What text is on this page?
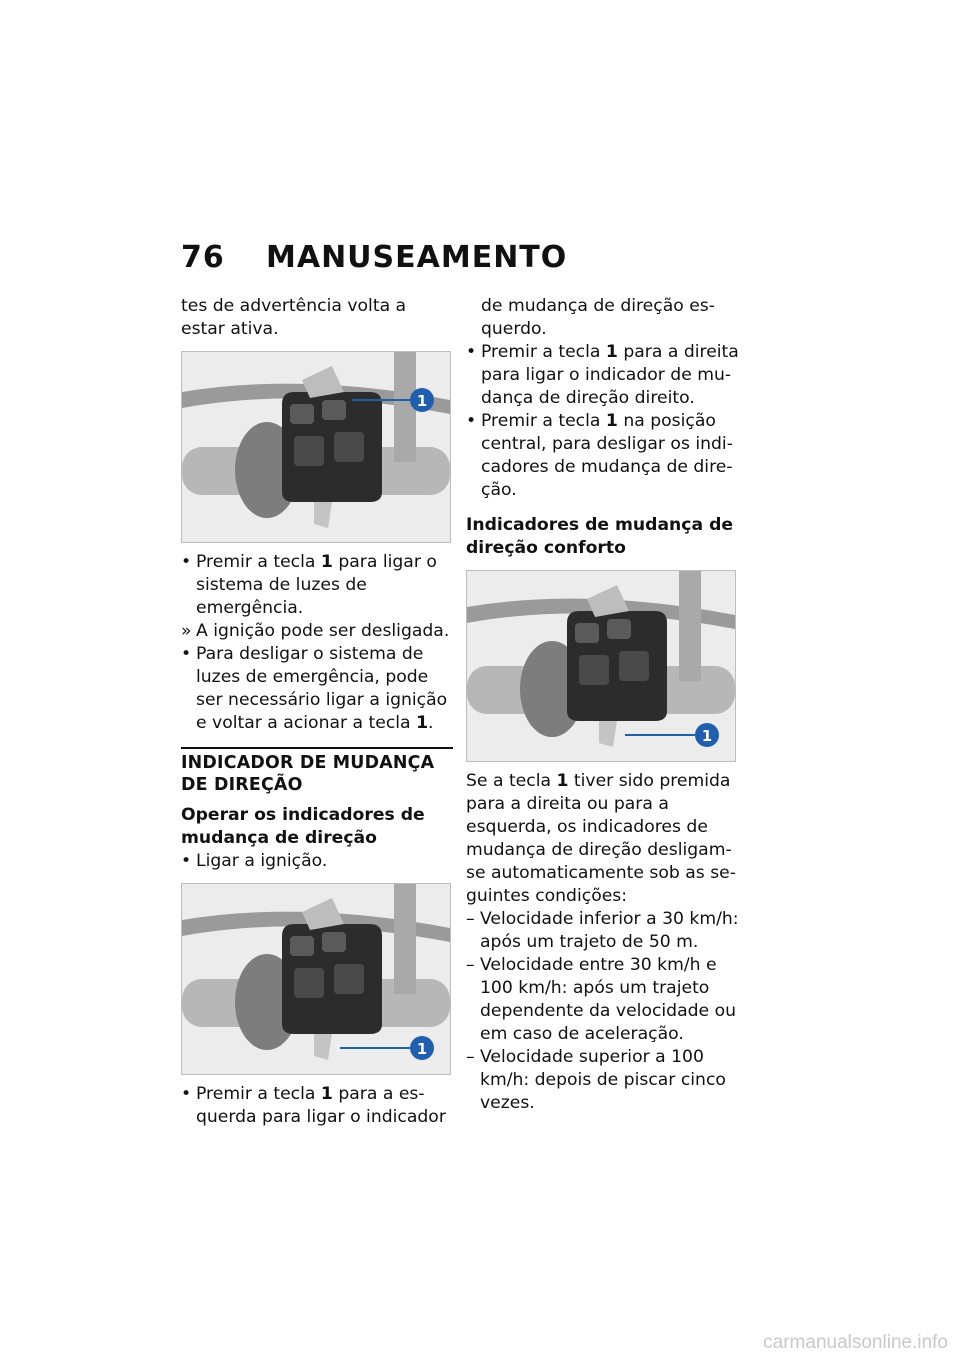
76 MANUSEAMENTO

tes de advertência volta a estar ativa.

1
• Premir a tecla 1 para ligar o sistema de luzes de emergência.
» A ignição pode ser desligada.
• Para desligar o sistema de luzes de emergência, pode ser necessário ligar a ignição e voltar a acionar a tecla 1.
INDICADOR DE MUDANÇA DE DIREÇÃO
Operar os indicadores de mudança de direção
• Ligar a ignição.
1
• Premir a tecla 1 para a esquerda para ligar o indicador

de mudança de direção esquerdo.

• Premir a tecla 1 para a direita para ligar o indicador de mudança de direção direito.
• Premir a tecla 1 na posição central, para desligar os indicadores de mudança de direção.
Indicadores de mudança de direção conforto
1

Se a tecla 1 tiver sido premida para a direita ou para a esquerda, os indicadores de mudança de direção desligam-se automaticamente sob as seguintes condições:

– Velocidade inferior a 30 km/h: após um trajeto de 50 m.
– Velocidade entre 30 km/h e 100 km/h: após um trajeto dependente da velocidade ou em caso de aceleração.
– Velocidade superior a 100 km/h: depois de piscar cinco vezes.
carmanualsonline.info
